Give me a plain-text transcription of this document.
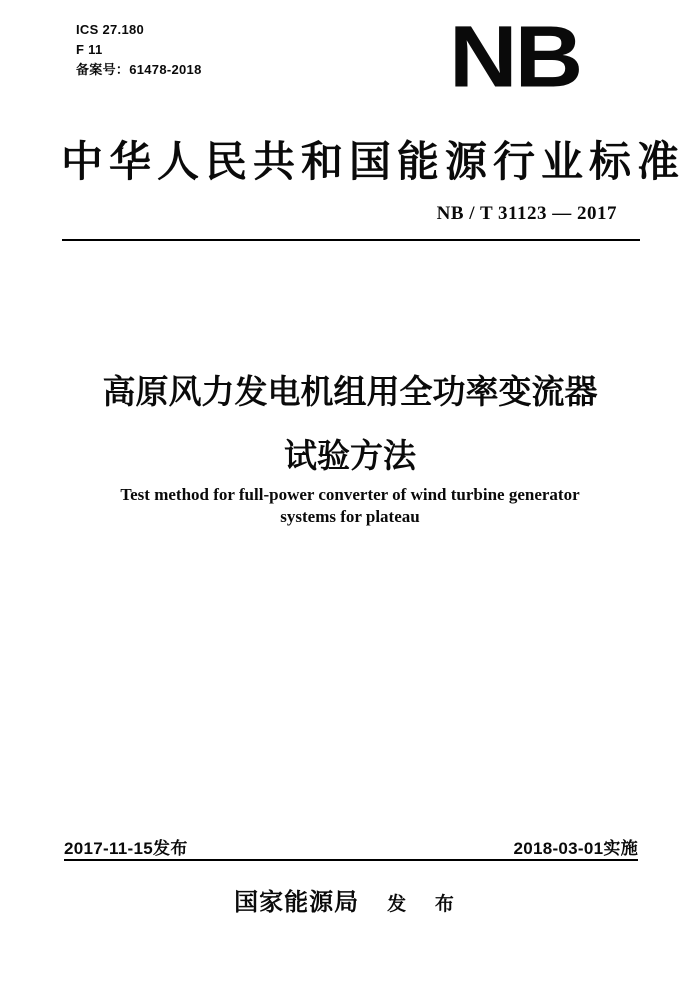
ICS 27.180
F 11
备案号：61478-2018	NB
中华人民共和国能源行业标准
NB / T 31123 — 2017
高原风力发电机组用全功率变流器
试验方法
Test method for full-power converter of wind turbine generator
systems for plateau
2017-11-15发布	2018-03-01实施
国家能源局 发 布
